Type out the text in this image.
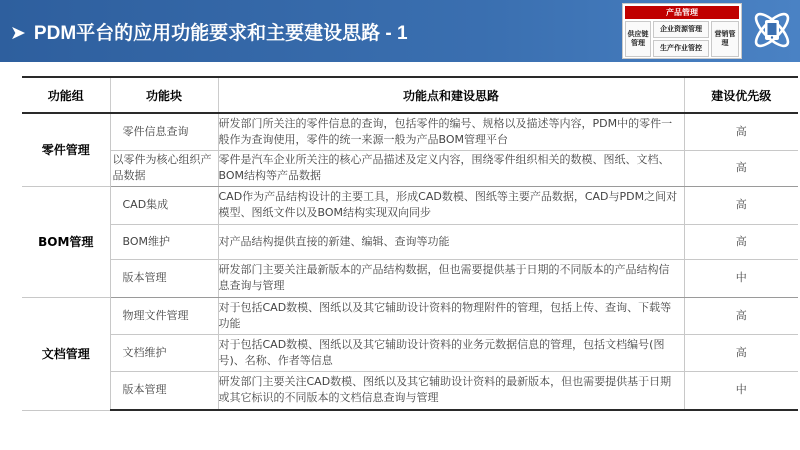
➤ PDM平台的应用功能要求和主要建设思路 - 1
产品管理
供应链管理
企业资源管理
生产作业管控
营销管理
功能组	功能块	功能点和建设思路	建设优先级
零件管理	零件信息查询	研发部门所关注的零件信息的查询，包括零件的编号、规格以及描述等内容，PDM中的零件一般作为查询使用，零件的统一来源一般为产品BOM管理平台	高
	以零件为核心组织产品数据	零件是汽车企业所关注的核心产品描述及定义内容，围绕零件组织相关的数模、图纸、文档、BOM结构等产品数据	高
BOM管理	CAD集成	CAD作为产品结构设计的主要工具，形成CAD数模、图纸等主要产品数据，CAD与PDM之间对模型、图纸文件以及BOM结构实现双向同步	高
	BOM维护	对产品结构提供直接的新建、编辑、查询等功能	高
	版本管理	研发部门主要关注最新版本的产品结构数据，但也需要提供基于日期的不同版本的产品结构信息查询与管理	中
文档管理	物理文件管理	对于包括CAD数模、图纸以及其它辅助设计资料的物理附件的管理，包括上传、查询、下载等功能	高
	文档维护	对于包括CAD数模、图纸以及其它辅助设计资料的业务元数据信息的管理，包括文档编号(图号)、名称、作者等信息	高
	版本管理	研发部门主要关注CAD数模、图纸以及其它辅助设计资料的最新版本，但也需要提供基于日期或其它标识的不同版本的文档信息查询与管理	中
